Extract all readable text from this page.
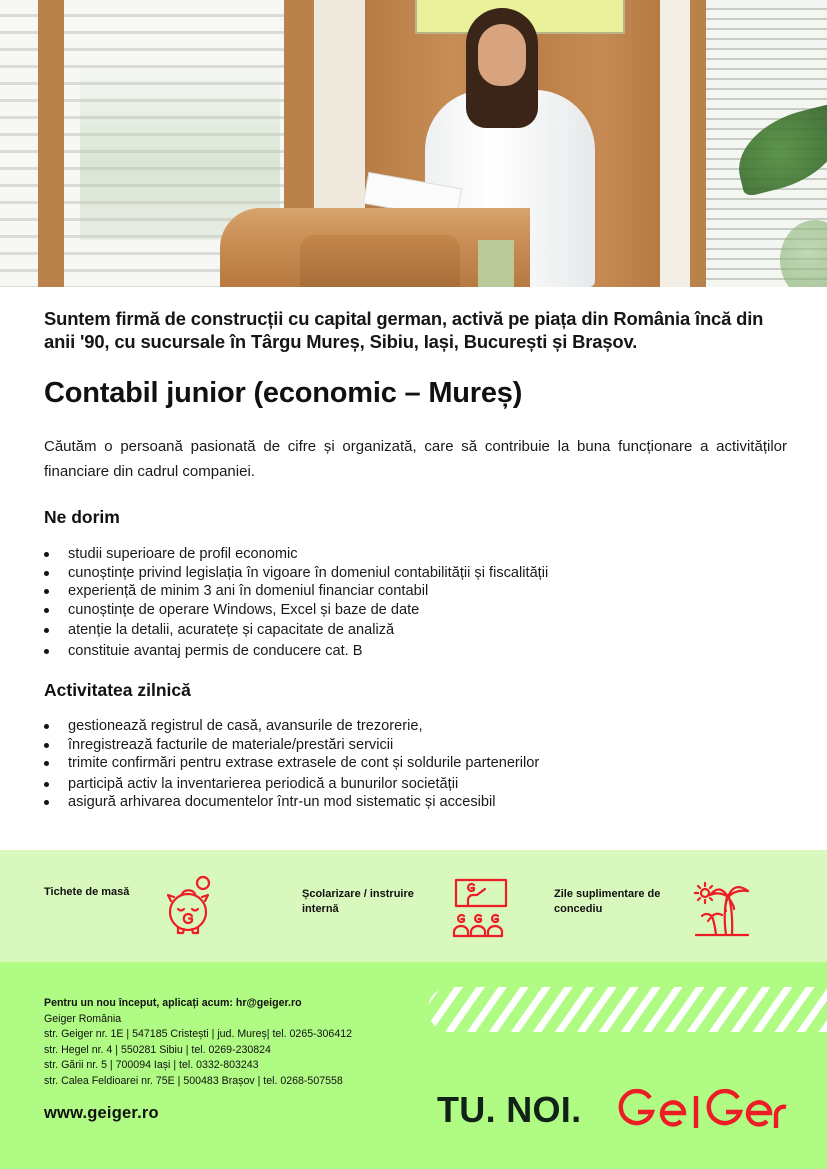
Suntem firmă de construcții cu capital german, activă pe piața din România încă din anii '90, cu sucursale în Târgu Mureș, Sibiu, Iași, București și Brașov.

Contabil junior (economic – Mureș)

Căutăm o persoană pasionată de cifre și organizată, care să contribuie la buna funcționare a activităților financiare din cadrul companiei.

Ne dorim
studii superioare de profil economic
cunoștințe privind legislația în vigoare în domeniul contabilității și fiscalității
experiență de minim 3 ani în domeniul financiar contabil
cunoștințe de operare Windows, Excel și baze de date
atenție la detalii, acuratețe și capacitate de analiză
constituie avantaj permis de conducere cat. B
Activitatea zilnică
gestionează registrul de casă, avansurile de trezorerie,
înregistrează facturile de materiale/prestări servicii
trimite confirmări pentru extrase extrasele de cont și soldurile partenerilor
participă activ la inventarierea periodică a bunurilor societății
asigură arhivarea documentelor într-un mod sistematic și accesibil
Tichete de masă	Școlarizare / instruire internă
Zile suplimentare de concediu
Pentru un nou început, aplicați acum: hr@geiger.ro
Geiger România
str. Geiger nr. 1E | 547185 Cristești | jud. Mureș| tel. 0265-306412
str. Hegel nr. 4 | 550281 Sibiu | tel. 0269-230824
str. Gării nr. 5 | 700094 Iași | tel. 0332-803243
str. Calea Feldioarei nr. 75E | 500483 Brașov | tel. 0268-507558
www.geiger.ro	TU. NOI.
